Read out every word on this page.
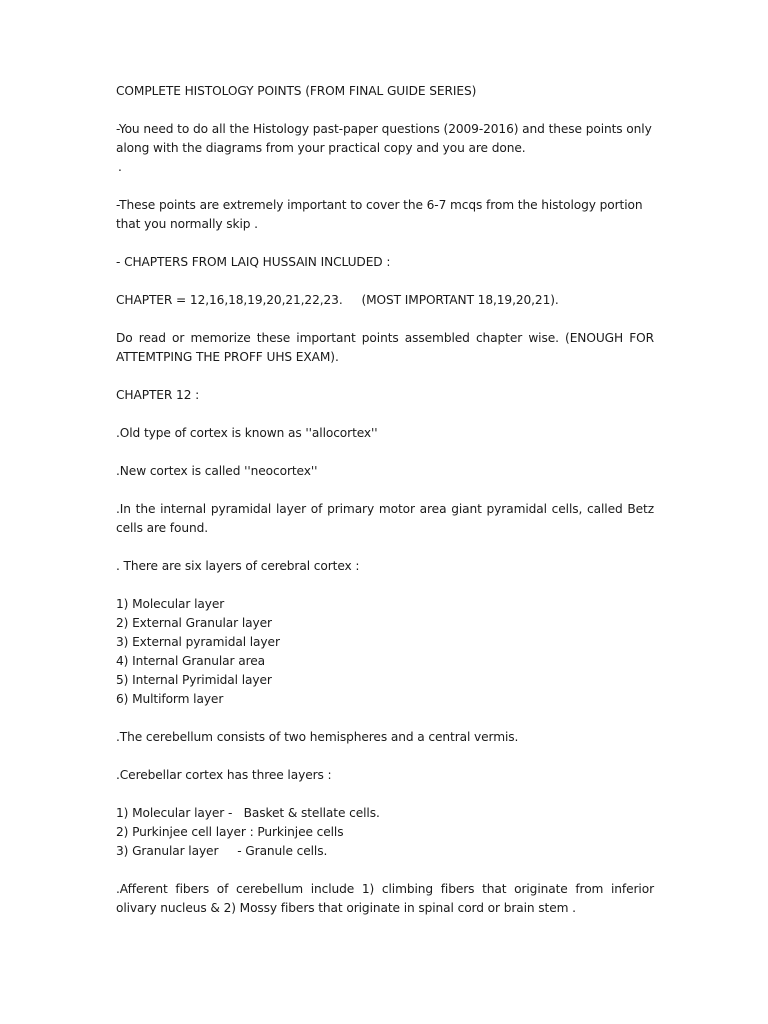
COMPLETE HISTOLOGY POINTS (FROM FINAL GUIDE SERIES)

-You need to do all the Histology past-paper questions (2009-2016) and these points only

along with the diagrams from your practical copy and you are done.

.

-These points are extremely important to cover the 6-7 mcqs from the histology portion

that you normally skip .

- CHAPTERS FROM LAIQ HUSSAIN INCLUDED :

CHAPTER = 12,16,18,19,20,21,22,23.     (MOST IMPORTANT 18,19,20,21).

Do read or memorize these important points assembled chapter wise. (ENOUGH FOR

ATTEMTPING THE PROFF UHS EXAM).

CHAPTER 12 :

.Old type of cortex is known as ''allocortex''

.New cortex is called ''neocortex''

.In the internal pyramidal layer of primary motor area giant pyramidal cells, called Betz

cells are found.

. There are six layers of cerebral cortex :

1) Molecular layer

2) External Granular layer

3) External pyramidal layer

4) Internal Granular area

5) Internal Pyrimidal layer

6) Multiform layer

.The cerebellum consists of two hemispheres and a central vermis.

.Cerebellar cortex has three layers :

1) Molecular layer -   Basket & stellate cells.

2) Purkinjee cell layer : Purkinjee cells

3) Granular layer     - Granule cells.

.Afferent fibers of cerebellum include 1) climbing fibers that originate from inferior

olivary nucleus & 2) Mossy fibers that originate in spinal cord or brain stem .
